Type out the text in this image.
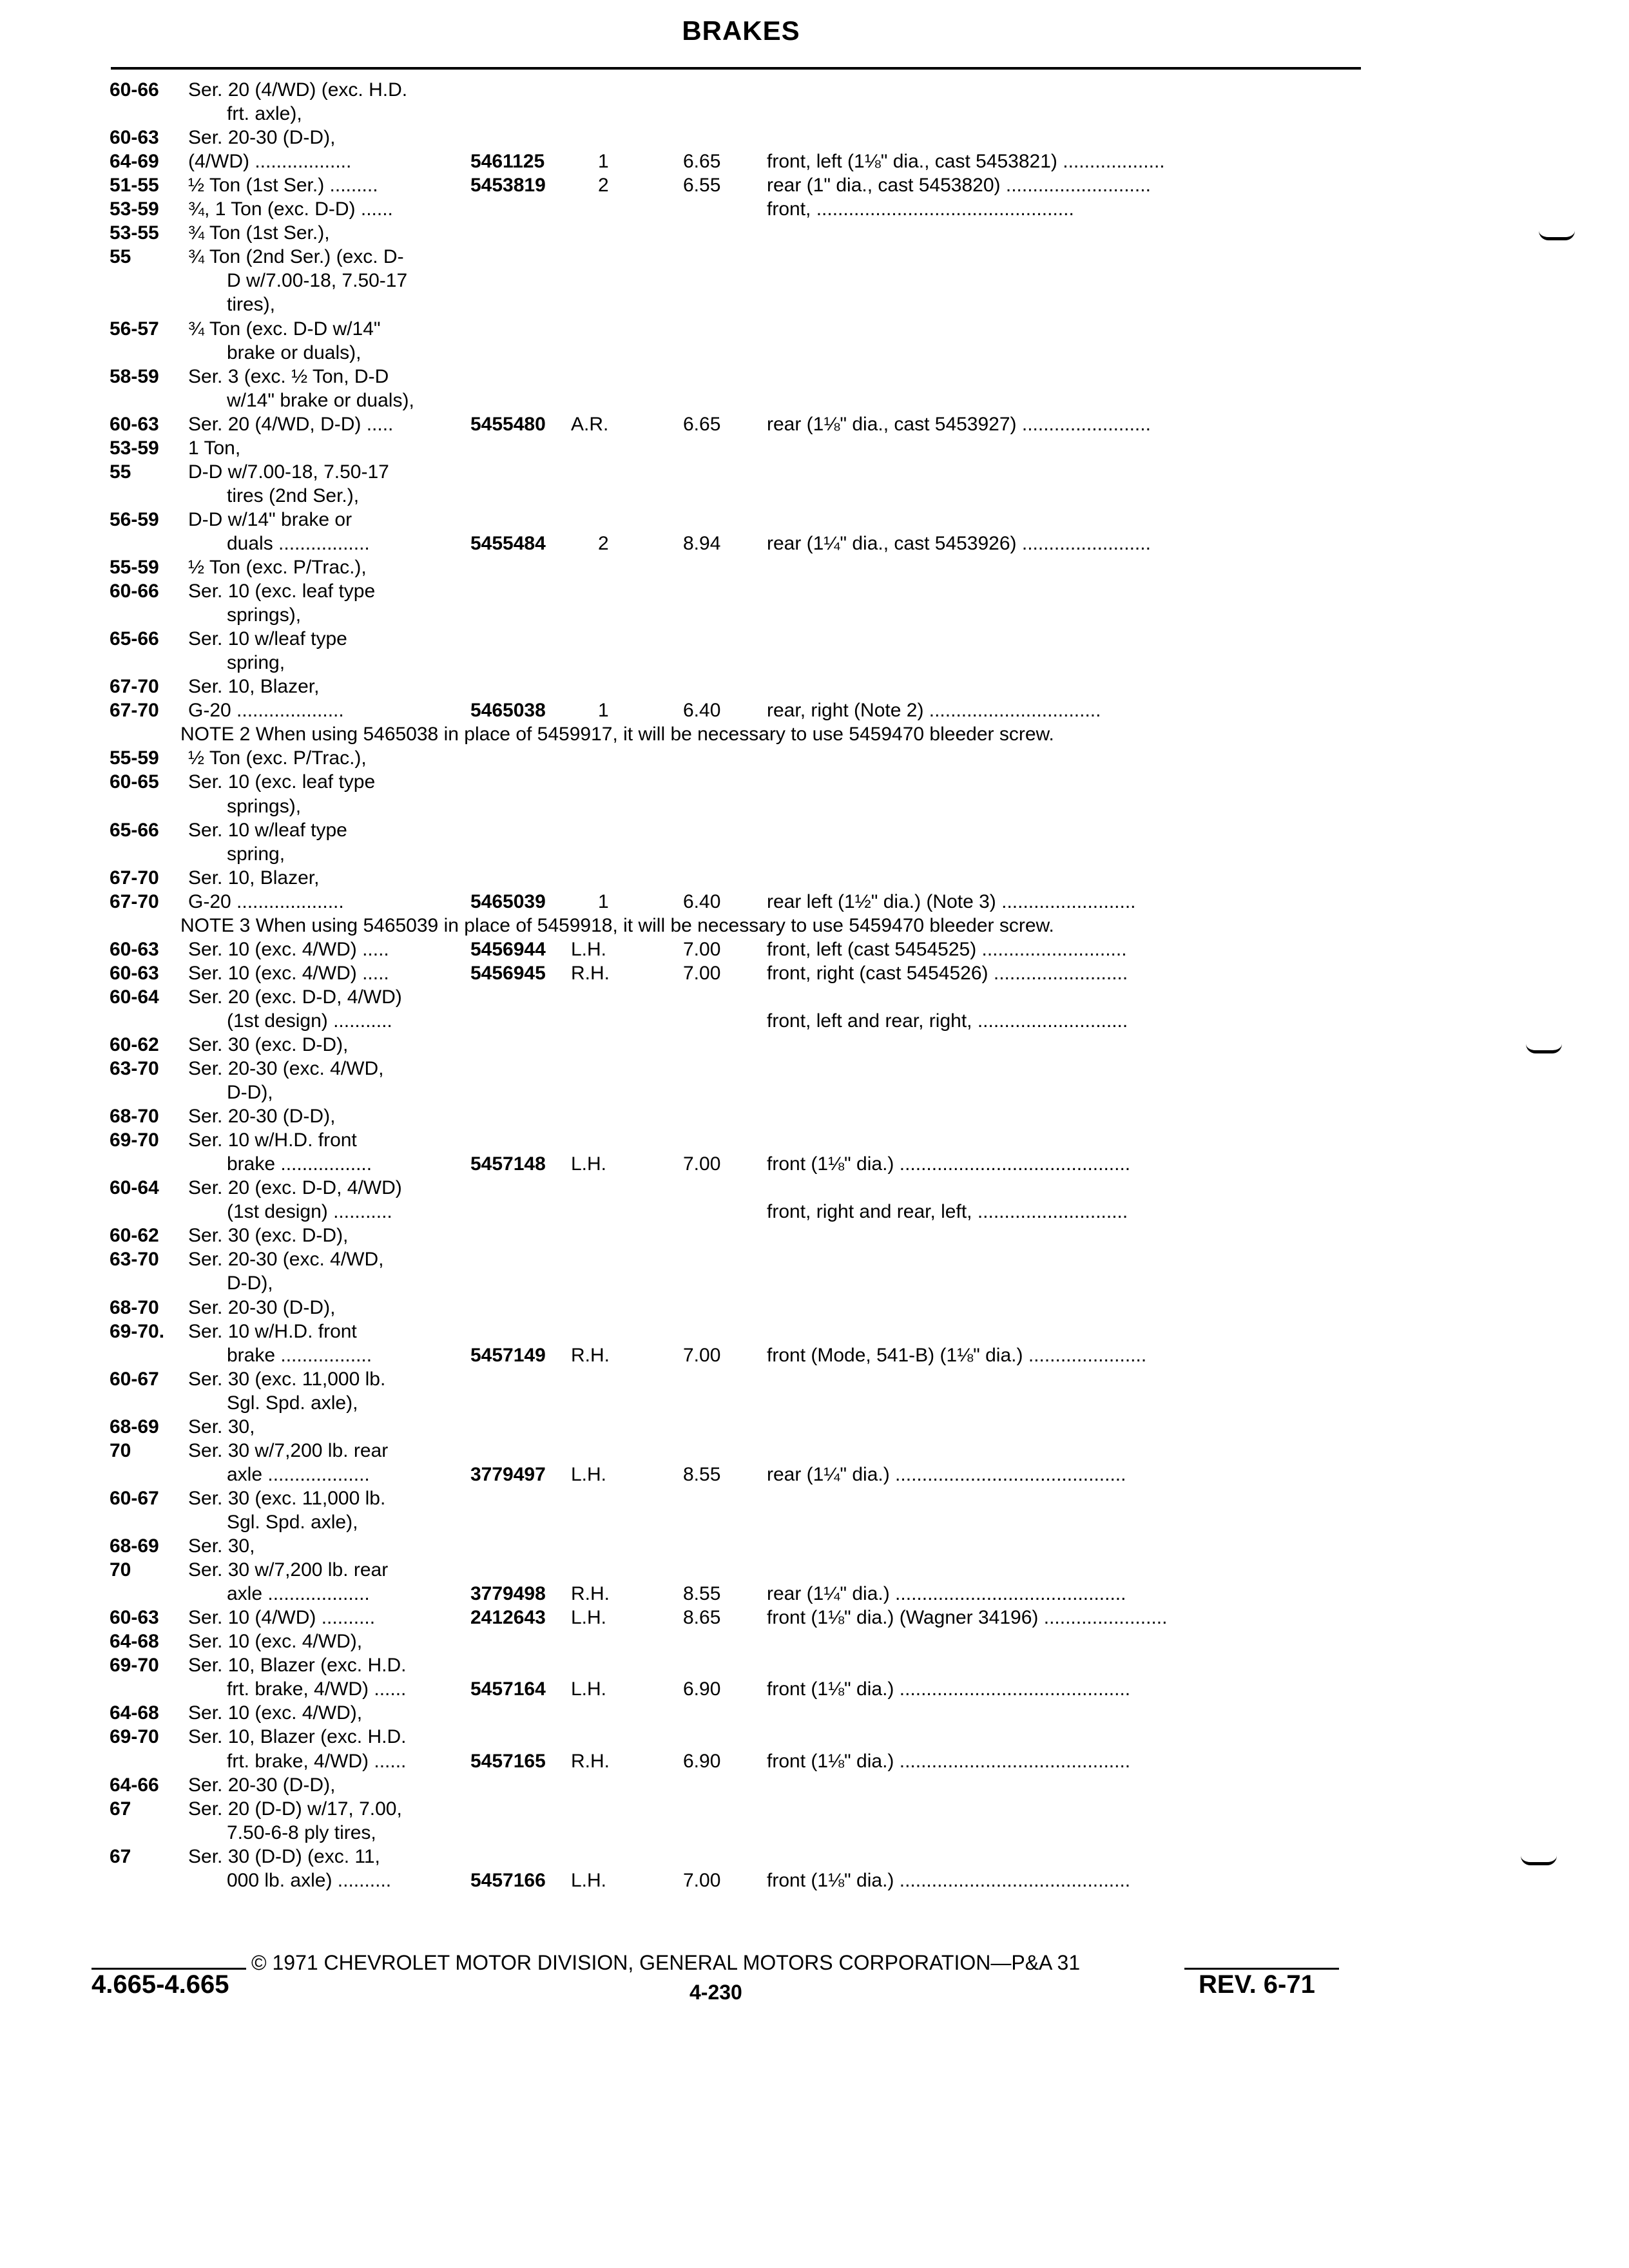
BRAKES
60-66 Ser. 20 (4/WD) (exc. H.D.
frt. axle),
60-63 Ser. 20-30 (D-D),
64-69 (4/WD) ..................	5461125	1	6.65 front, left (1⅛" dia., cast 5453821) ...................
51-55 ½ Ton (1st Ser.) .........	5453819	2	6.55 rear (1" dia., cast 5453820) ...........................
53-59 ¾, 1 Ton (exc. D-D) ......	front, ................................................
53-55 ¾ Ton (1st Ser.),
55	¾ Ton (2nd Ser.) (exc. D-
D w/7.00-18, 7.50-17
tires),
56-57 ¾ Ton (exc. D-D w/14"
brake or duals),
58-59 Ser. 3 (exc. ½ Ton, D-D
w/14" brake or duals),
60-63 Ser. 20 (4/WD, D-D) .....	5455480 A.R.	6.65 rear (1⅛" dia., cast 5453927) ........................
53-59 1 Ton,
55	D-D w/7.00-18, 7.50-17
tires (2nd Ser.),
56-59 D-D w/14" brake or
duals .................	5455484	2	8.94 rear (1¼" dia., cast 5453926) ........................
55-59 ½ Ton (exc. P/Trac.),
60-66 Ser. 10 (exc. leaf type
springs),
65-66 Ser. 10 w/leaf type
spring,
67-70 Ser. 10, Blazer,
67-70 G-20 ....................	5465038	1	6.40 rear, right (Note 2) ................................
NOTE 2 When using 5465038 in place of 5459917, it will be necessary to use 5459470 bleeder screw.
55-59 ½ Ton (exc. P/Trac.),
60-65 Ser. 10 (exc. leaf type
springs),
65-66 Ser. 10 w/leaf type
spring,
67-70 Ser. 10, Blazer,
67-70 G-20 ....................	5465039	1	6.40 rear left (1½" dia.) (Note 3) .........................
NOTE 3 When using 5465039 in place of 5459918, it will be necessary to use 5459470 bleeder screw.
60-63 Ser. 10 (exc. 4/WD) .....	5456944 L.H.	7.00 front, left (cast 5454525) ...........................
60-63 Ser. 10 (exc. 4/WD) .....	5456945 R.H.	7.00 front, right (cast 5454526) .........................
60-64 Ser. 20 (exc. D-D, 4/WD)
(1st design) ...........	front, left and rear, right, ............................
60-62 Ser. 30 (exc. D-D),
63-70 Ser. 20-30 (exc. 4/WD,
D-D),
68-70 Ser. 20-30 (D-D),
69-70 Ser. 10 w/H.D. front
brake .................	5457148 L.H.	7.00 front (1⅛" dia.) ...........................................
60-64 Ser. 20 (exc. D-D, 4/WD)
(1st design) ...........	front, right and rear, left, ............................
60-62 Ser. 30 (exc. D-D),
63-70 Ser. 20-30 (exc. 4/WD,
D-D),
68-70 Ser. 20-30 (D-D),
69-70. Ser. 10 w/H.D. front
brake .................	5457149 R.H.	7.00 front (Mode, 541-B) (1⅛" dia.) ......................
60-67 Ser. 30 (exc. 11,000 lb.
Sgl. Spd. axle),
68-69 Ser. 30,
70	Ser. 30 w/7,200 lb. rear
axle ...................	3779497 L.H.	8.55 rear (1¼" dia.) ...........................................
60-67 Ser. 30 (exc. 11,000 lb.
Sgl. Spd. axle),
68-69 Ser. 30,
70	Ser. 30 w/7,200 lb. rear
axle ...................	3779498 R.H.	8.55 rear (1¼" dia.) ...........................................
60-63 Ser. 10 (4/WD) ..........	2412643 L.H.	8.65 front (1⅛" dia.) (Wagner 34196) .......................
64-68 Ser. 10 (exc. 4/WD),
69-70 Ser. 10, Blazer (exc. H.D.
frt. brake, 4/WD) ......	5457164 L.H.	6.90 front (1⅛" dia.) ...........................................
64-68 Ser. 10 (exc. 4/WD),
69-70 Ser. 10, Blazer (exc. H.D.
frt. brake, 4/WD) ......	5457165 R.H.	6.90 front (1⅛" dia.) ...........................................
64-66 Ser. 20-30 (D-D),
67	Ser. 20 (D-D) w/17, 7.00,
7.50-6-8 ply tires,
67	Ser. 30 (D-D) (exc. 11,
000 lb. axle) ..........	5457166 L.H.	7.00 front (1⅛" dia.) ...........................................
© 1971 CHEVROLET MOTOR DIVISION, GENERAL MOTORS CORPORATION—P&A 31
4.665-4.665	4-230	REV. 6-71
